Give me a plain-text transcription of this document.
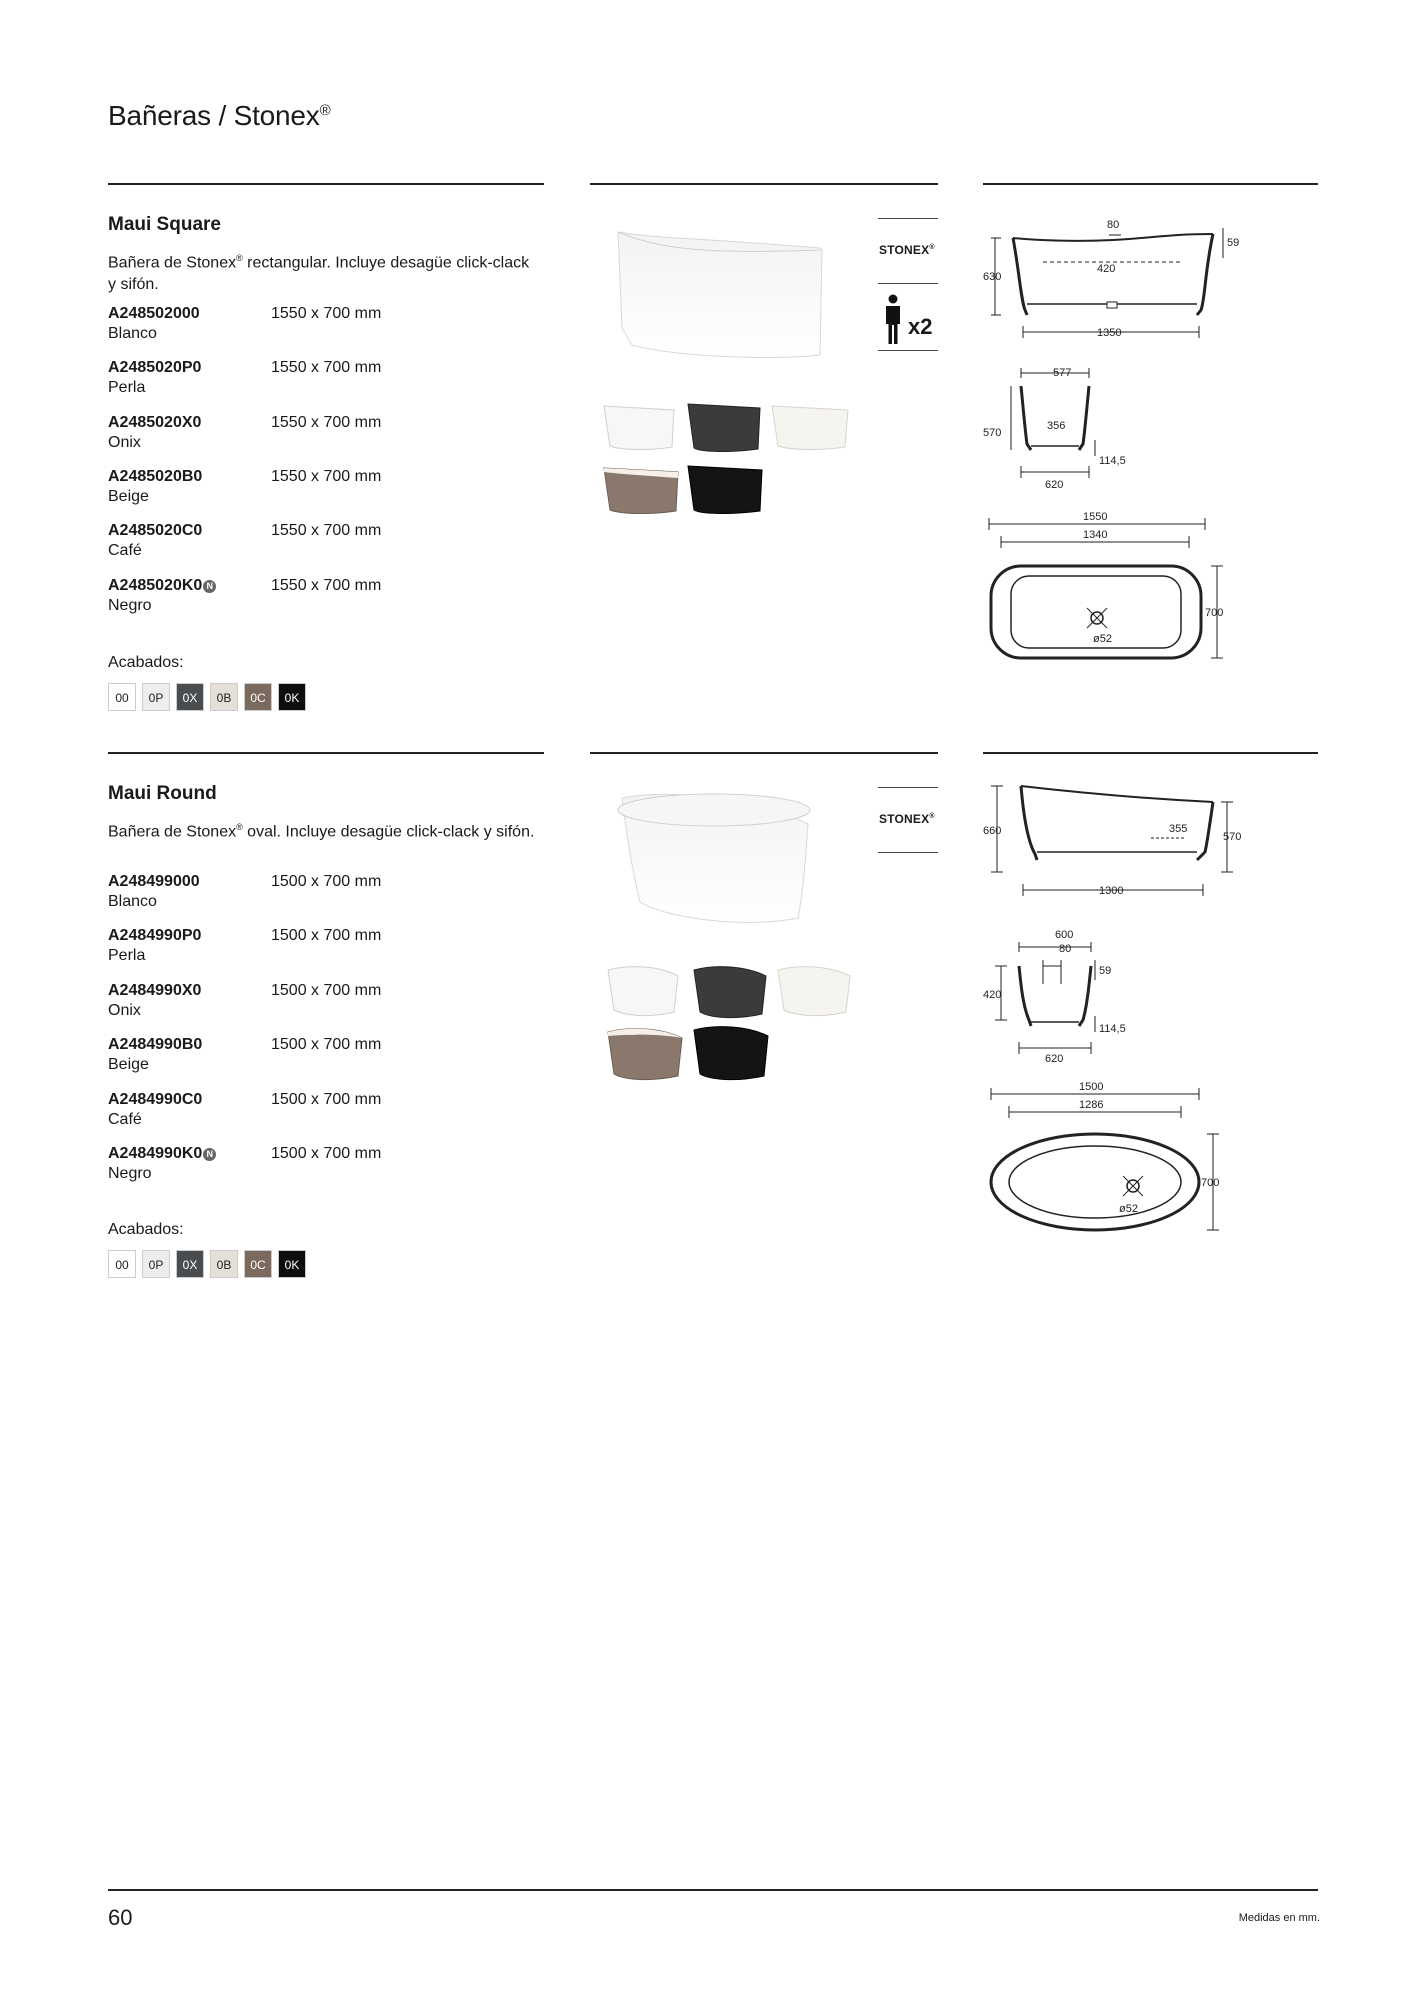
Bañeras / Stonex®
Maui Square
Bañera de Stonex® rectangular. Incluye desagüe click-clack y sifón.
A248502000	1550 x 700 mm
Blanco
A2485020P0	1550 x 700 mm
Perla
A2485020X0	1550 x 700 mm
Onix
A2485020B0	1550 x 700 mm
Beige
A2485020C0	1550 x 700 mm
Café
A2485020K0 N	1550 x 700 mm
Negro
Acabados:
00	0P	0X	0B	0C	0K
STONEX®
x2
80
59
630
420
1350
577
570
356
114,5
620
1550
1340
700
ø52
Maui Round
Bañera de Stonex® oval. Incluye desagüe click-clack y sifón.
A248499000	1500 x 700 mm
Blanco
A2484990P0	1500 x 700 mm
Perla
A2484990X0	1500 x 700 mm
Onix
A2484990B0	1500 x 700 mm
Beige
A2484990C0	1500 x 700 mm
Café
A2484990K0 N	1500 x 700 mm
Negro
Acabados:
00	0P	0X	0B	0C	0K
STONEX®
660	355
570
1300
600
80
59
420
114,5
620
1500
1286
700
ø52
60	Medidas en mm.
